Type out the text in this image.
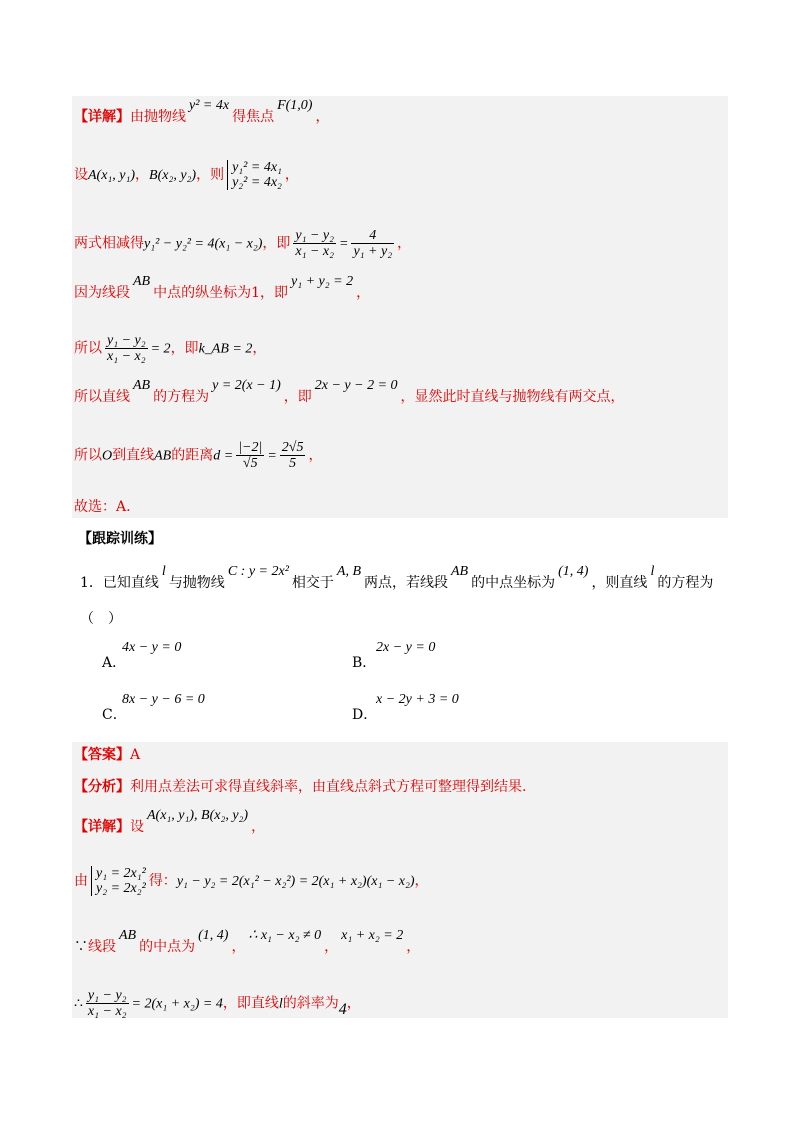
【详解】由抛物线y² = 4x得焦点F(1,0)，
设A(x₁, y₁)，B(x₂, y₂)，则 y₁² = 4x₁
y₂² = 4x₂ ，
两式相减得y₁² − y₂² = 4(x₁ − x₂)，即 $\frac{\text{y₁ − y₂}}{\text{x₁ − x₂}} = \frac{4}{\text{y₁ + y₂}}$ ，
因为线段AB中点的纵坐标为1，即y₁ + y₂ = 2，
所以 $\frac{\text{y₁ − y₂}}{\text{x₁ − x₂}} = 2$，即k_AB = 2，
所以直线AB的方程为y = 2(x − 1)，即2x − y − 2 = 0，显然此时直线与抛物线有两交点，
所以O到直线AB的距离$d = \frac{|-2|}{√5} = \frac{2√5}{5}$ ，
故选：A.
【跟踪训练】
1．已知直线l与抛物线C : y = 2x²相交于A, B两点，若线段AB的中点坐标为(1, 4)，则直线l的方程为
（　）
A．
4x − y = 0
B．
2x − y = 0
C．
8x − y − 6 = 0
D．
x − 2y + 3 = 0
【答案】A
【分析】利用点差法可求得直线斜率，由直线点斜式方程可整理得到结果.
【详解】设A(x₁, y₁), B(x₂, y₂)，
由 y₁ = 2x₁²
y₂ = 2x₂² 得：y₁ − y₂ = 2(x₁² − x₂²) = 2(x₁ + x₂)(x₁ − x₂)，
∵线段AB的中点为(1, 4)，∴ x₁ − x₂ ≠ 0，x₁ + x₂ = 2，
∴ $\frac{\text{y₁ − y₂}}{\text{x₁ − x₂}} = 2(x_1 + x_2) = 4$，即直线l的斜率为4，
